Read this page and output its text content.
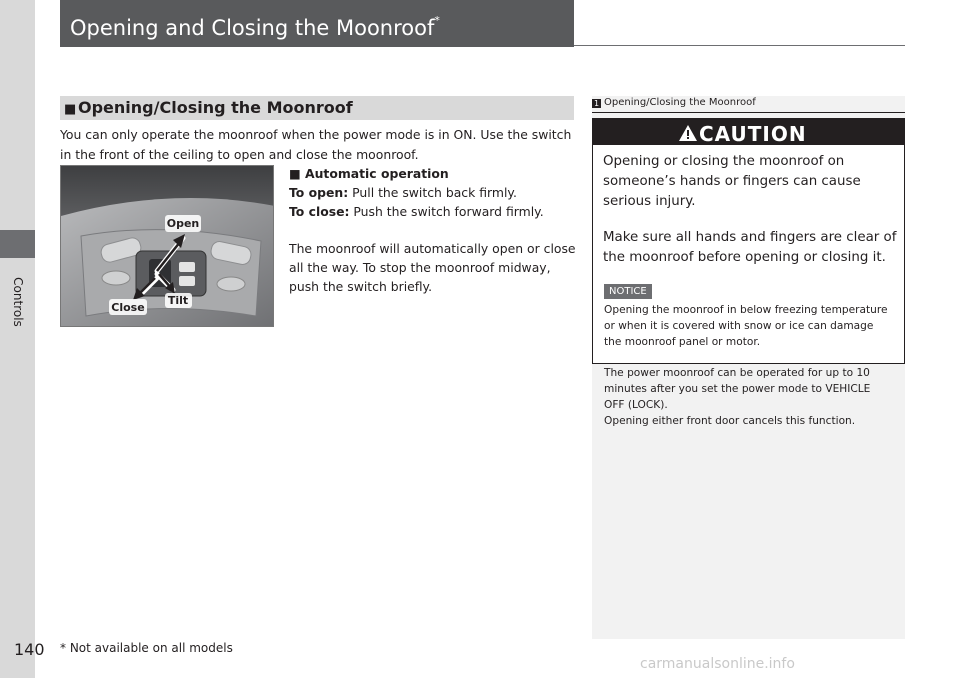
Controls
Opening and Closing the Moonroof*
■ Opening/Closing the Moonroof
You can only operate the moonroof when the power mode is in ON. Use the switch in the front of the ceiling to open and close the moonroof.
Open
Tilt
Close

■ Automatic operation

To open: Pull the switch back firmly.

To close: Push the switch forward firmly.

The moonroof will automatically open or close all the way. To stop the moonroof midway, push the switch briefly.

1 Opening/Closing the Moonroof
CAUTION

Opening or closing the moonroof on someone’s hands or fingers can cause serious injury.

Make sure all hands and fingers are clear of the moonroof before opening or closing it.

NOTICE

Opening the moonroof in below freezing temperature or when it is covered with snow or ice can damage the moonroof panel or motor.

The power moonroof can be operated for up to 10 minutes after you set the power mode to VEHICLE OFF (LOCK).

Opening either front door cancels this function.

140 * Not available on all models
carmanualsonline.info
